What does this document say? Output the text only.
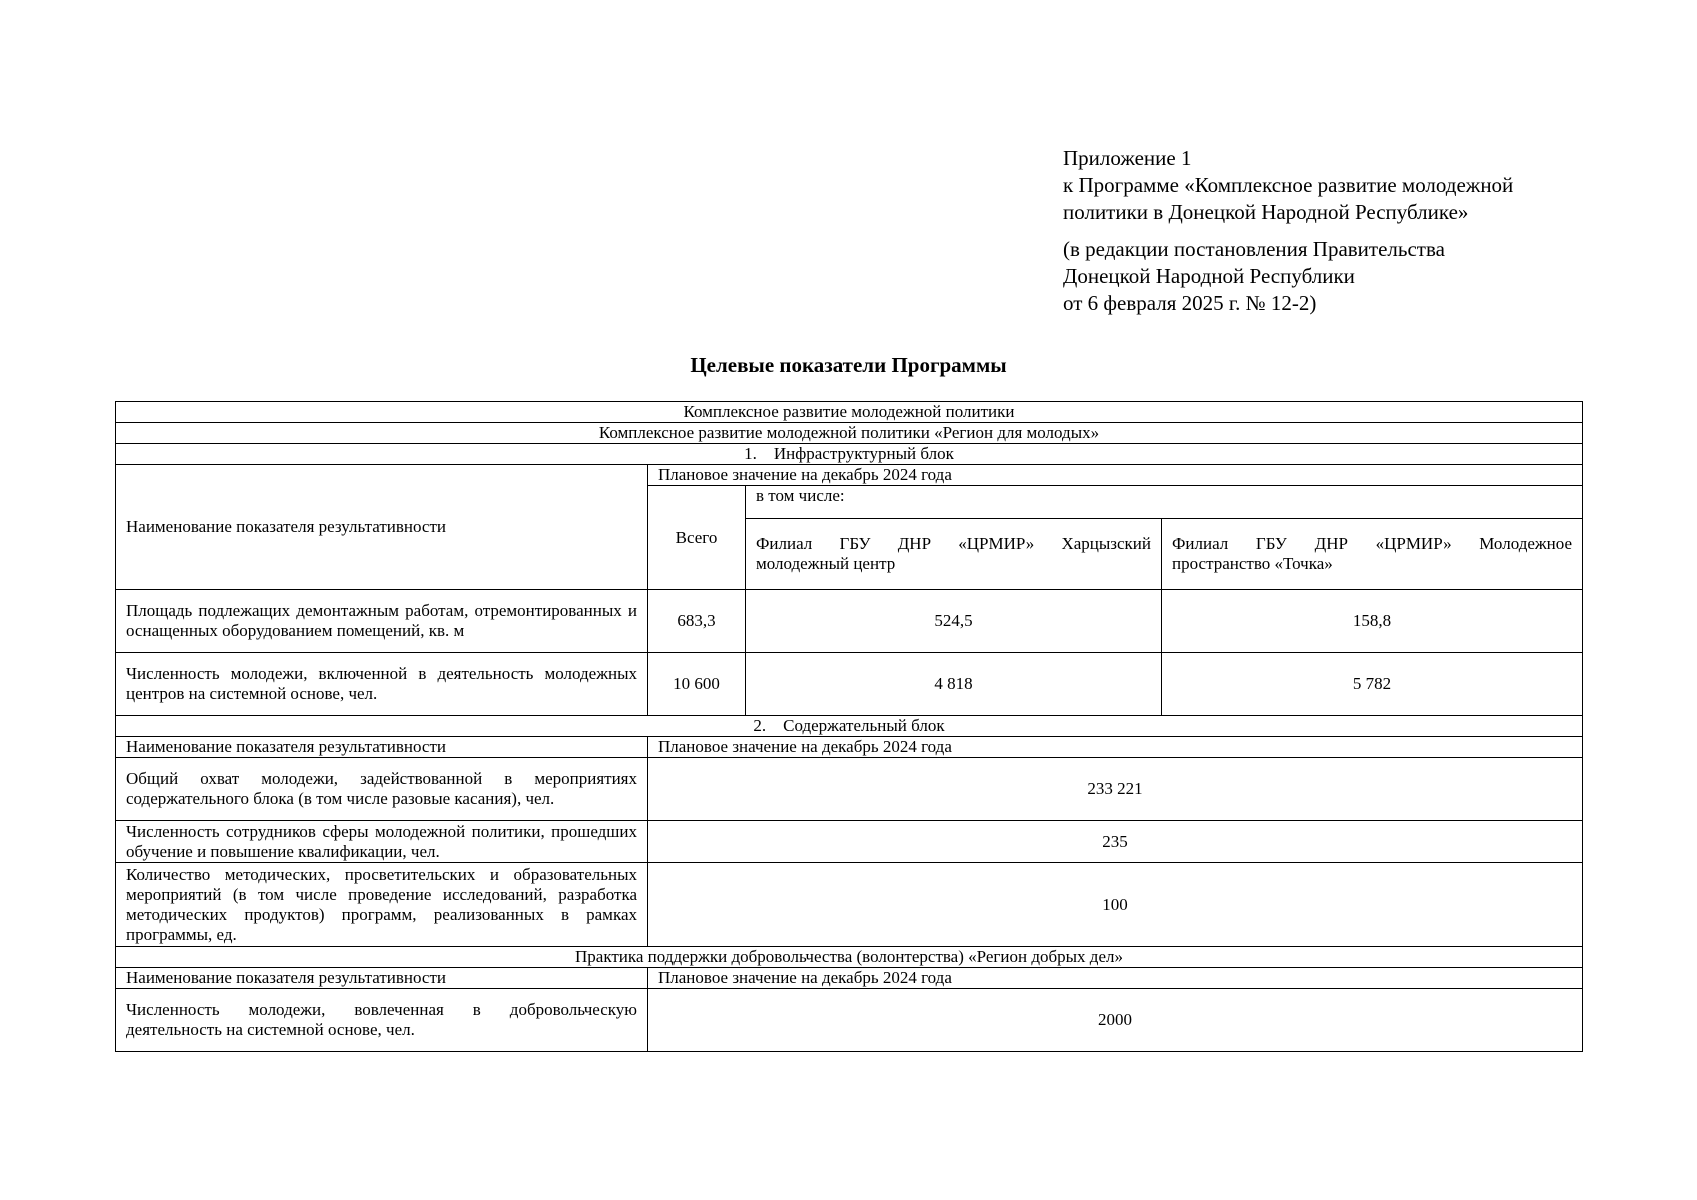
Приложение 1
к Программе «Комплексное развитие молодежной
политики в Донецкой Народной Республике»
(в редакции постановления Правительства
Донецкой Народной Республики
от 6 февраля 2025 г. № 12-2)
Целевые показатели Программы
Комплексное развитие молодежной политики			
Комплексное развитие молодежной политики «Регион для молодых»			
1. Инфраструктурный блок			
Наименование показателя результативности	Плановое значение на декабрь 2024 года		
	Всего	в том числе:	
		Филиал ГБУ ДНР «ЦРМИР» Харцызский молодежный центр	Филиал ГБУ ДНР «ЦРМИР» Молодежное пространство «Точка»
Площадь подлежащих демонтажным работам, отремонтированных и оснащенных оборудованием помещений, кв. м	683,3	524,5	158,8
Численность молодежи, включенной в деятельность молодежных центров на системной основе, чел.	10 600	4 818	5 782
2. Содержательный блок			
Наименование показателя результативности	Плановое значение на декабрь 2024 года		
Общий охват молодежи, задействованной в мероприятиях содержательного блока (в том числе разовые касания), чел.	233 221		
Численность сотрудников сферы молодежной политики, прошедших обучение и повышение квалификации, чел.	235		
Количество методических, просветительских и образовательных мероприятий (в том числе проведение исследований, разработка методических продуктов) программ, реализованных в рамках программы, ед.	100		
Практика поддержки добровольчества (волонтерства) «Регион добрых дел»			
Наименование показателя результативности	Плановое значение на декабрь 2024 года		
Численность молодежи, вовлеченная в добровольческую деятельность на системной основе, чел.	2000		
